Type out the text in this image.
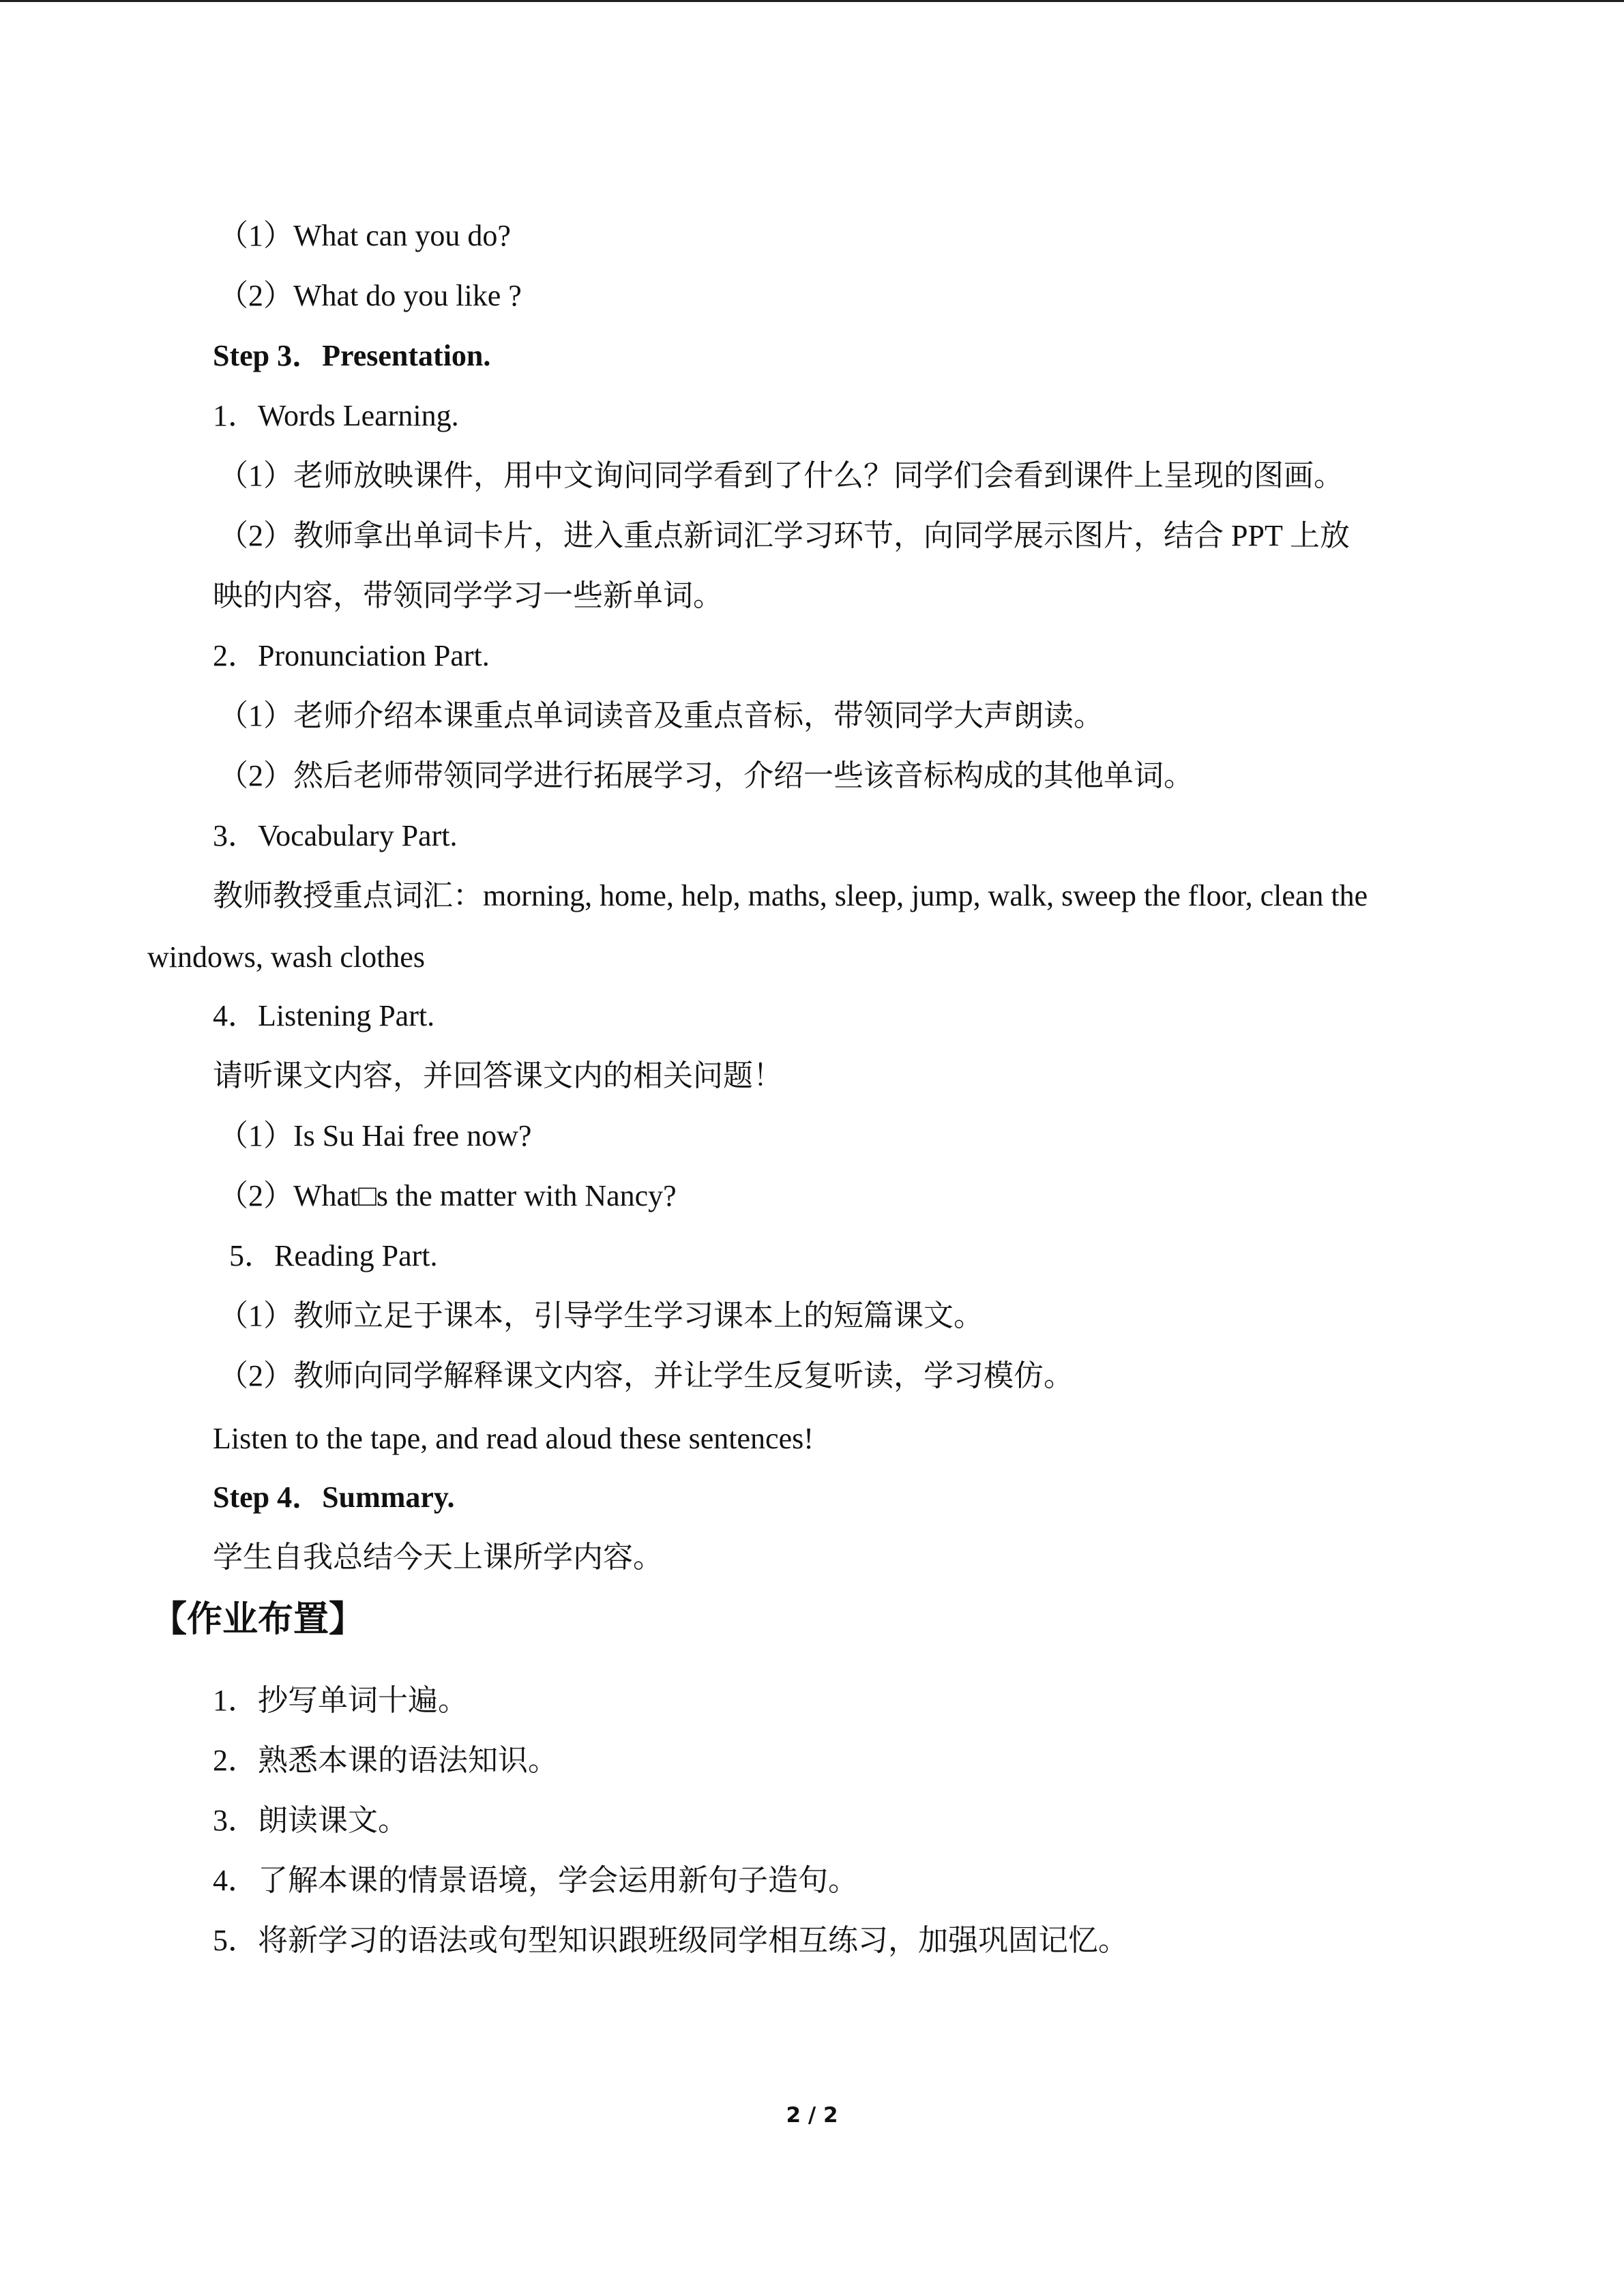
（1）What can you do?
（2）What do you like ?
Step 3．Presentation.
1．Words Learning.
（1）老师放映课件，用中文询问同学看到了什么？同学们会看到课件上呈现的图画。
（2）教师拿出单词卡片，进入重点新词汇学习环节，向同学展示图片，结合 PPT 上放
映的内容，带领同学学习一些新单词。
2．Pronunciation Part.
（1）老师介绍本课重点单词读音及重点音标，带领同学大声朗读。
（2）然后老师带领同学进行拓展学习，介绍一些该音标构成的其他单词。
3．Vocabulary Part.
教师教授重点词汇：morning, home, help, maths, sleep, jump, walk, sweep the floor, clean the
windows, wash clothes
4．Listening Part.
请听课文内容，并回答课文内的相关问题！
（1）Is Su Hai free now?
（2）What□s the matter with Nancy?
5．Reading Part.
（1）教师立足于课本，引导学生学习课本上的短篇课文。
（2）教师向同学解释课文内容，并让学生反复听读，学习模仿。
Listen to the tape, and read aloud these sentences!
Step 4．Summary.
学生自我总结今天上课所学内容。
【作业布置】
1．抄写单词十遍。
2．熟悉本课的语法知识。
3．朗读课文。
4．了解本课的情景语境，学会运用新句子造句。
5．将新学习的语法或句型知识跟班级同学相互练习，加强巩固记忆。
2 / 2
